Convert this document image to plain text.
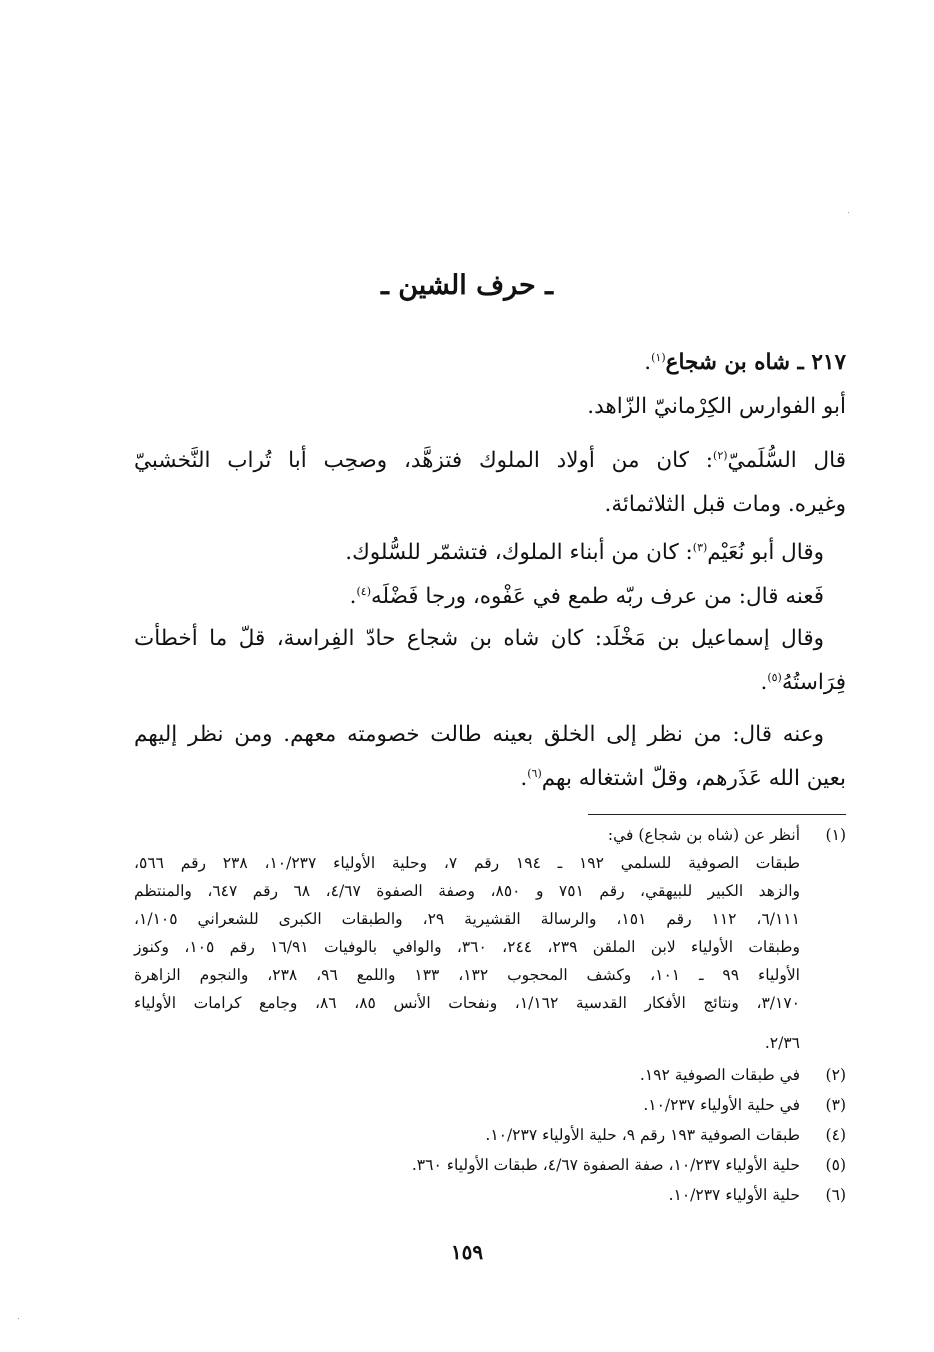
ـ حرف الشين ـ
٢١٧ ـ شاه بن شجاع$^{(١)}$.
أبو الفوارس الكِرْمانيّ الزّاهد.
قال السُّلَميّ$^{(٢)}$: كان من أولاد الملوك فتزهَّد، وصحِب أبا تُراب النَّخشبيّ
وغيره. ومات قبل الثلاثمائة.
وقال أبو نُعَيْم$^{(٣)}$: كان من أبناء الملوك، فتشمّر للسُّلوك.
فَعنه قال: من عرف ربّه طمع في عَفْوه، ورجا فَضْلَه$^{(٤)}$.
وقال إسماعيل بن مَخْلَد: كان شاه بن شجاع حادّ الفِراسة، قلّ ما أخطأت
فِرَاستُهُ$^{(٥)}$.
وعنه قال: من نظر إلى الخلق بعينه طالت خصومته معهم. ومن نظر إليهم
بعين الله عَذَرهم، وقلّ اشتغاله بهم$^{(٦)}$.
(١)
أنظر عن (شاه بن شجاع) في:
طبقات الصوفية للسلمي ١٩٢ ـ ١٩٤ رقم ٧، وحلية الأولياء ١٠/٢٣٧، ٢٣٨ رقم ٥٦٦،
والزهد الكبير للبيهقي، رقم ٧٥١ و ٨٥٠، وصفة الصفوة ٤/٦٧، ٦٨ رقم ٦٤٧، والمنتظم
٦/١١١، ١١٢ رقم ١٥١، والرسالة القشيرية ٢٩، والطبقات الكبرى للشعراني ١/١٠٥،
وطبقات الأولياء لابن الملقن ٢٣٩، ٢٤٤، ٣٦٠، والوافي بالوفيات ١٦/٩١ رقم ١٠٥، وكنوز
الأولياء ٩٩ ـ ١٠١، وكشف المحجوب ١٣٢، ١٣٣ واللمع ٩٦، ٢٣٨، والنجوم الزاهرة
٣/١٧٠، ونتائج الأفكار القدسية ١/١٦٢، ونفحات الأنس ٨٥، ٨٦، وجامع كرامات الأولياء
٢/٣٦.
(٢)
في طبقات الصوفية ١٩٢.
(٣)
في حلية الأولياء ١٠/٢٣٧.
(٤)
طبقات الصوفية ١٩٣ رقم ٩، حلية الأولياء ١٠/٢٣٧.
(٥)
حلية الأولياء ١٠/٢٣٧، صفة الصفوة ٤/٦٧، طبقات الأولياء ٣٦٠.
(٦)
حلية الأولياء ١٠/٢٣٧.
١٥٩
